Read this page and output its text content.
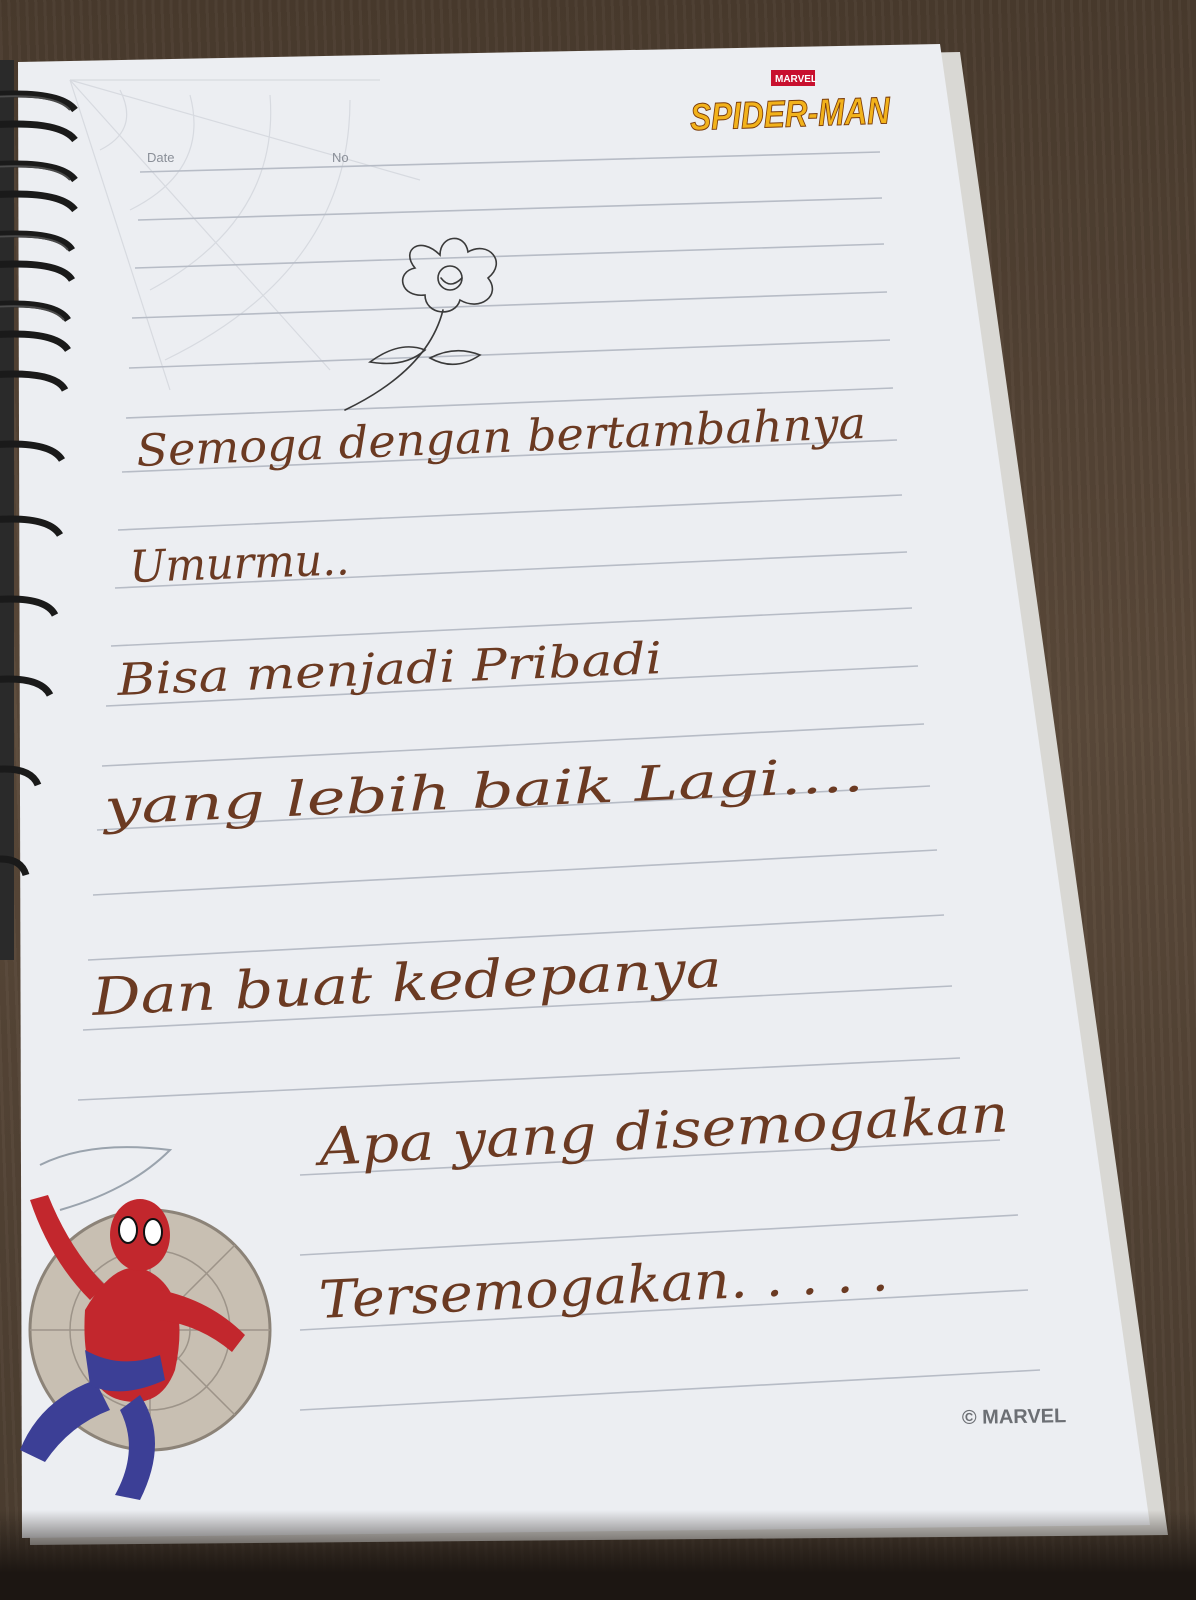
MARVEL
SPIDER-MAN
Date	No
Semoga dengan bertambahnya
Umurmu..
Bisa menjadi Pribadi
yang lebih baik Lagi....
Dan buat kedepanya
Apa yang disemogakan
Tersemogakan. . . . .
© MARVEL
